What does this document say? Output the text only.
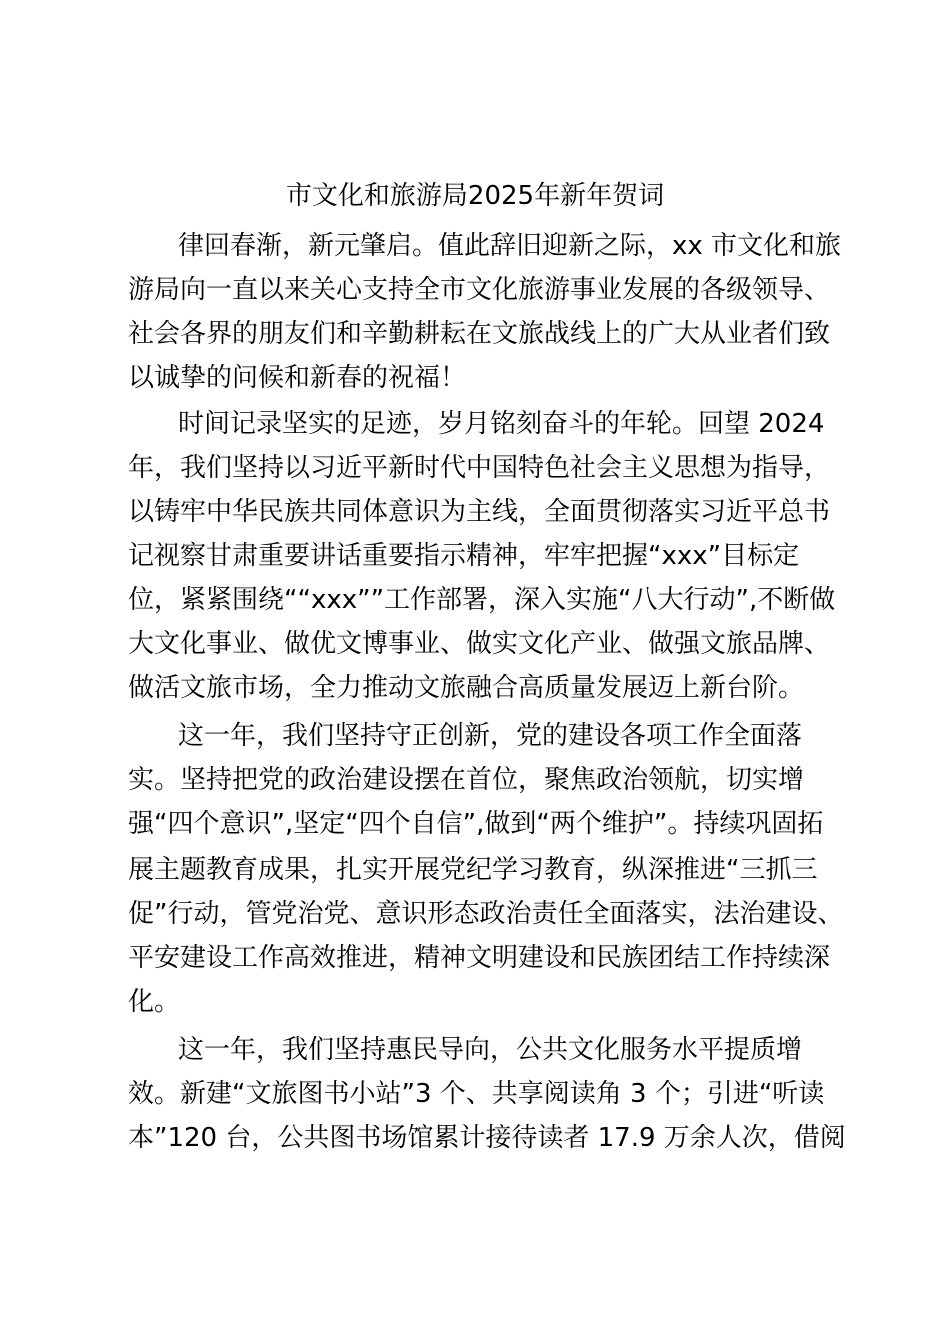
市文化和旅游局2025年新年贺词
律回春渐，新元肇启。值此辞旧迎新之际，xx 市文化和旅
游局向一直以来关心支持全市文化旅游事业发展的各级领导、
社会各界的朋友们和辛勤耕耘在文旅战线上的广大从业者们致
以诚挚的问候和新春的祝福！
时间记录坚实的足迹，岁月铭刻奋斗的年轮。回望 2024
年，我们坚持以习近平新时代中国特色社会主义思想为指导，
以铸牢中华民族共同体意识为主线，全面贯彻落实习近平总书
记视察甘肃重要讲话重要指示精神，牢牢把握“xxx”目标定
位，紧紧围绕““xxx””工作部署，深入实施“八大行动”,不断做
大文化事业、做优文博事业、做实文化产业、做强文旅品牌、
做活文旅市场，全力推动文旅融合高质量发展迈上新台阶。
这一年，我们坚持守正创新，党的建设各项工作全面落
实。坚持把党的政治建设摆在首位，聚焦政治领航，切实增
强“四个意识”,坚定“四个自信”,做到“两个维护”。持续巩固拓
展主题教育成果，扎实开展党纪学习教育，纵深推进“三抓三
促”行动，管党治党、意识形态政治责任全面落实，法治建设、
平安建设工作高效推进，精神文明建设和民族团结工作持续深
化。
这一年，我们坚持惠民导向，公共文化服务水平提质增
效。新建“文旅图书小站”3 个、共享阅读角 3 个；引进“听读
本”120 台，公共图书场馆累计接待读者 17.9 万余人次，借阅
